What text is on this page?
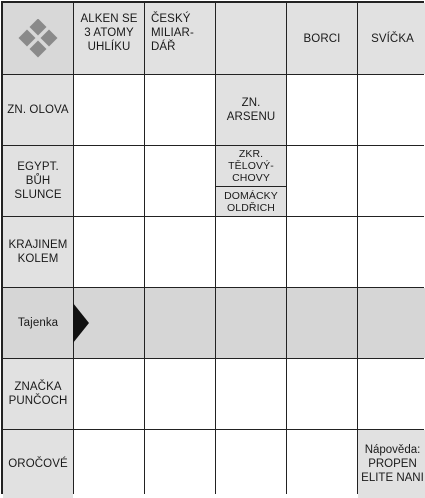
ALKEN SE 3 ATOMY UHLÍKU
ČESKÝ MILIAR-DÁŘ
BORCI	SVÍČKA
ZN. OLOVA
ZN. ARSENU
EGYPT. BŮH SLUNCE
ZKR. TĚLOVÝ-CHOVY
DOMÁCKY OLDŘICH
KRAJINEM KOLEM
Tajenka
ZNAČKA PUNČOCH
OROČOVÉ
Nápověda: PROPEN ELITE NANI
